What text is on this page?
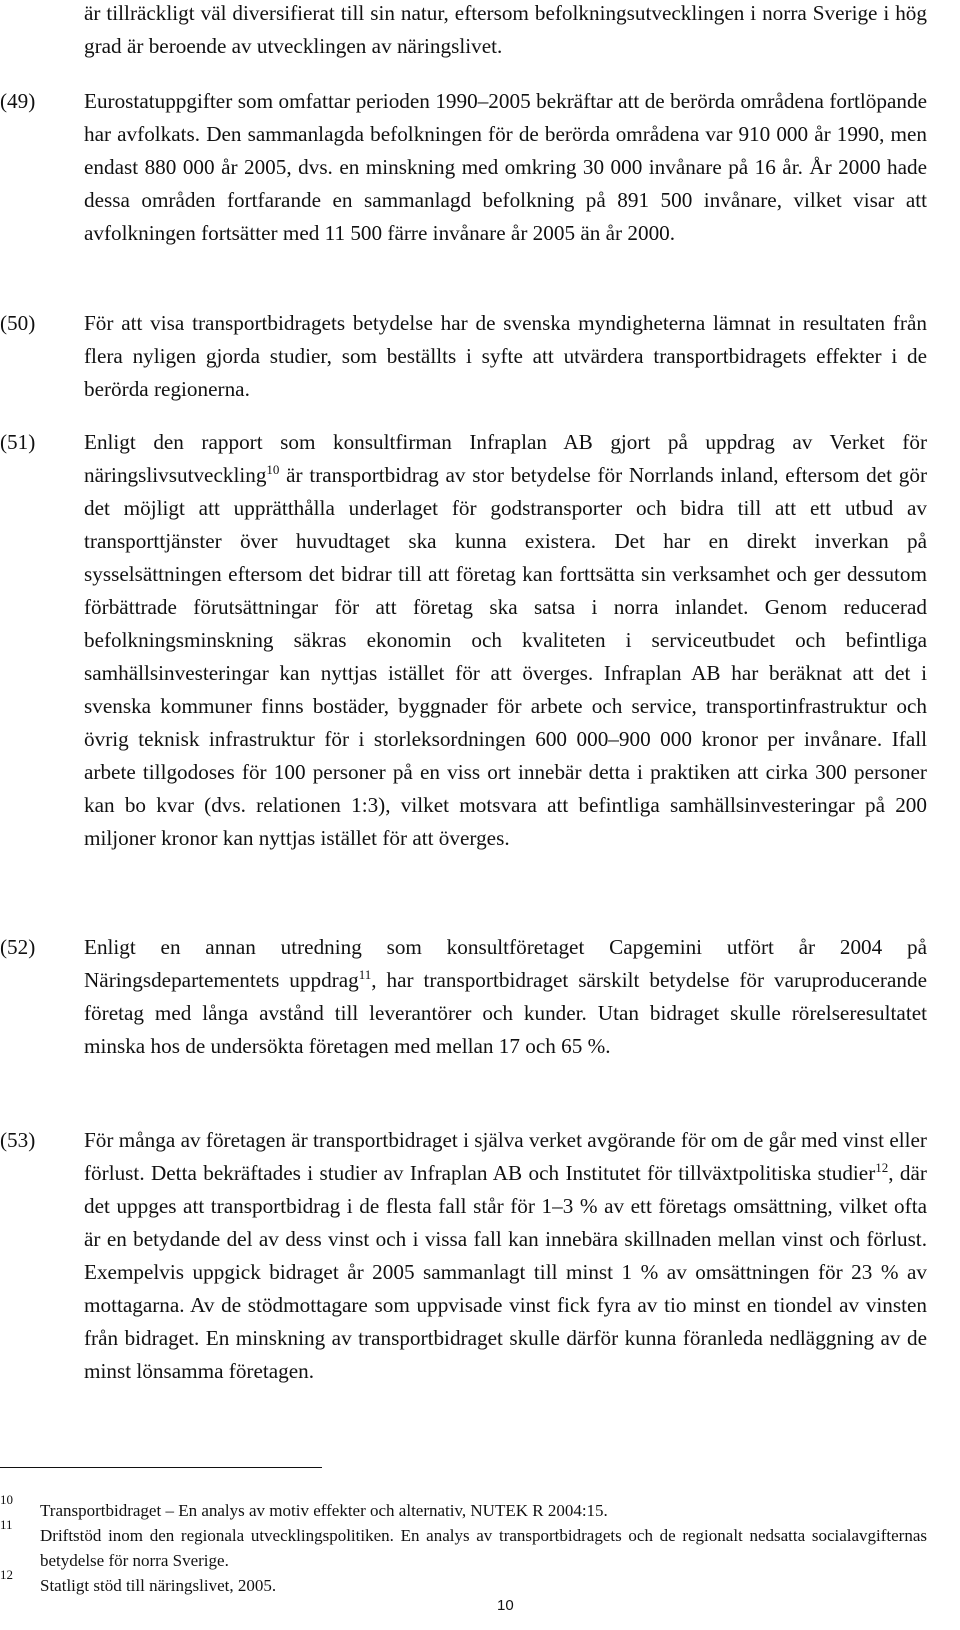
är tillräckligt väl diversifierat till sin natur, eftersom befolkningsutvecklingen i norra Sverige i hög grad är beroende av utvecklingen av näringslivet.

(49) Eurostatuppgifter som omfattar perioden 1990–2005 bekräftar att de berörda områdena fortlöpande har avfolkats. Den sammanlagda befolkningen för de berörda områdena var 910 000 år 1990, men endast 880 000 år 2005, dvs. en minskning med omkring 30 000 invånare på 16 år. År 2000 hade dessa områden fortfarande en sammanlagd befolkning på 891 500 invånare, vilket visar att avfolkningen fortsätter med 11 500 färre invånare år 2005 än år 2000.

(50) För att visa transportbidragets betydelse har de svenska myndigheterna lämnat in resultaten från flera nyligen gjorda studier, som beställts i syfte att utvärdera transportbidragets effekter i de berörda regionerna.

(51) Enligt den rapport som konsultfirman Infraplan AB gjort på uppdrag av Verket för näringslivsutveckling$^{10}$ är transportbidrag av stor betydelse för Norrlands inland, eftersom det gör det möjligt att upprätthålla underlaget för godstransporter och bidra till att ett utbud av transporttjänster över huvudtaget ska kunna existera. Det har en direkt inverkan på sysselsättningen eftersom det bidrar till att företag kan forttsätta sin verksamhet och ger dessutom förbättrade förutsättningar för att företag ska satsa i norra inlandet. Genom reducerad befolkningsminskning säkras ekonomin och kvaliteten i serviceutbudet och befintliga samhällsinvesteringar kan nyttjas istället för att överges. Infraplan AB har beräknat att det i svenska kommuner finns bostäder, byggnader för arbete och service, transportinfrastruktur och övrig teknisk infrastruktur för i storleksordningen 600 000–900 000 kronor per invånare. Ifall arbete tillgodoses för 100 personer på en viss ort innebär detta i praktiken att cirka 300 personer kan bo kvar (dvs. relationen 1:3), vilket motsvara att befintliga samhällsinvesteringar på 200 miljoner kronor kan nyttjas istället för att överges.

(52) Enligt en annan utredning som konsultföretaget Capgemini utfört år 2004 på Näringsdepartementets uppdrag$^{11}$, har transportbidraget särskilt betydelse för varuproducerande företag med långa avstånd till leverantörer och kunder. Utan bidraget skulle rörelseresultatet minska hos de undersökta företagen med mellan 17 och 65 %.

(53) För många av företagen är transportbidraget i själva verket avgörande för om de går med vinst eller förlust. Detta bekräftades i studier av Infraplan AB och Institutet för tillväxtpolitiska studier$^{12}$, där det uppges att transportbidrag i de flesta fall står för 1–3 % av ett företags omsättning, vilket ofta är en betydande del av dess vinst och i vissa fall kan innebära skillnaden mellan vinst och förlust. Exempelvis uppgick bidraget år 2005 sammanlagt till minst 1 % av omsättningen för 23 % av mottagarna. Av de stödmottagare som uppvisade vinst fick fyra av tio minst en tiondel av vinsten från bidraget. En minskning av transportbidraget skulle därför kunna föranleda nedläggning av de minst lönsamma företagen.

10

Transportbidraget – En analys av motiv effekter och alternativ, NUTEK R 2004:15.

11

Driftstöd inom den regionala utvecklingspolitiken. En analys av transportbidragets och de regionalt nedsatta socialavgifternas betydelse för norra Sverige.

12

Statligt stöd till näringslivet, 2005.

10
